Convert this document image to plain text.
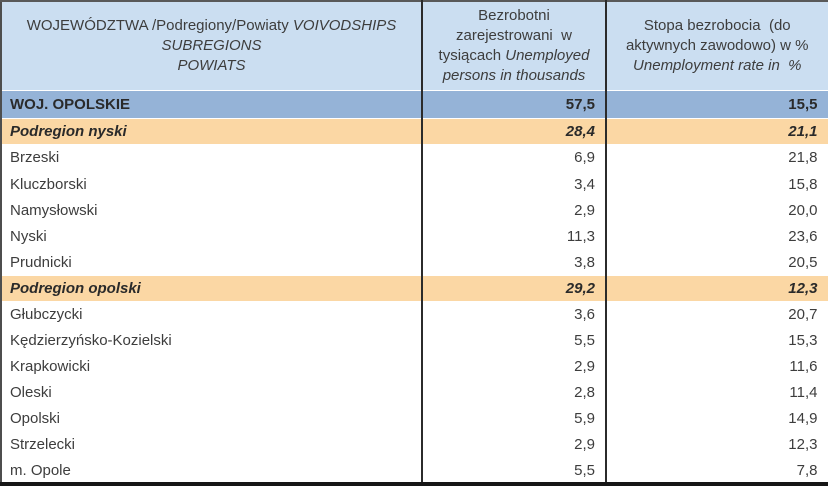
WOJEWÓDZTWA /Podregiony/Powiaty VOIVODSHIPS
SUBREGIONS
POWIATS	Bezrobotni zarejestrowani  w tysiącach Unemployed persons in thousands	Stopa bezrobocia  (do aktywnych zawodowo) w %
Unemployment rate in  %
WOJ. OPOLSKIE	57,5	15,5
Podregion nyski	28,4	21,1
Brzeski	6,9	21,8
Kluczborski	3,4	15,8
Namysłowski	2,9	20,0
Nyski	11,3	23,6
Prudnicki	3,8	20,5
Podregion opolski	29,2	12,3
Głubczycki	3,6	20,7
Kędzierzyńsko-Kozielski	5,5	15,3
Krapkowicki	2,9	11,6
Oleski	2,8	11,4
Opolski	5,9	14,9
Strzelecki	2,9	12,3
m. Opole	5,5	7,8
